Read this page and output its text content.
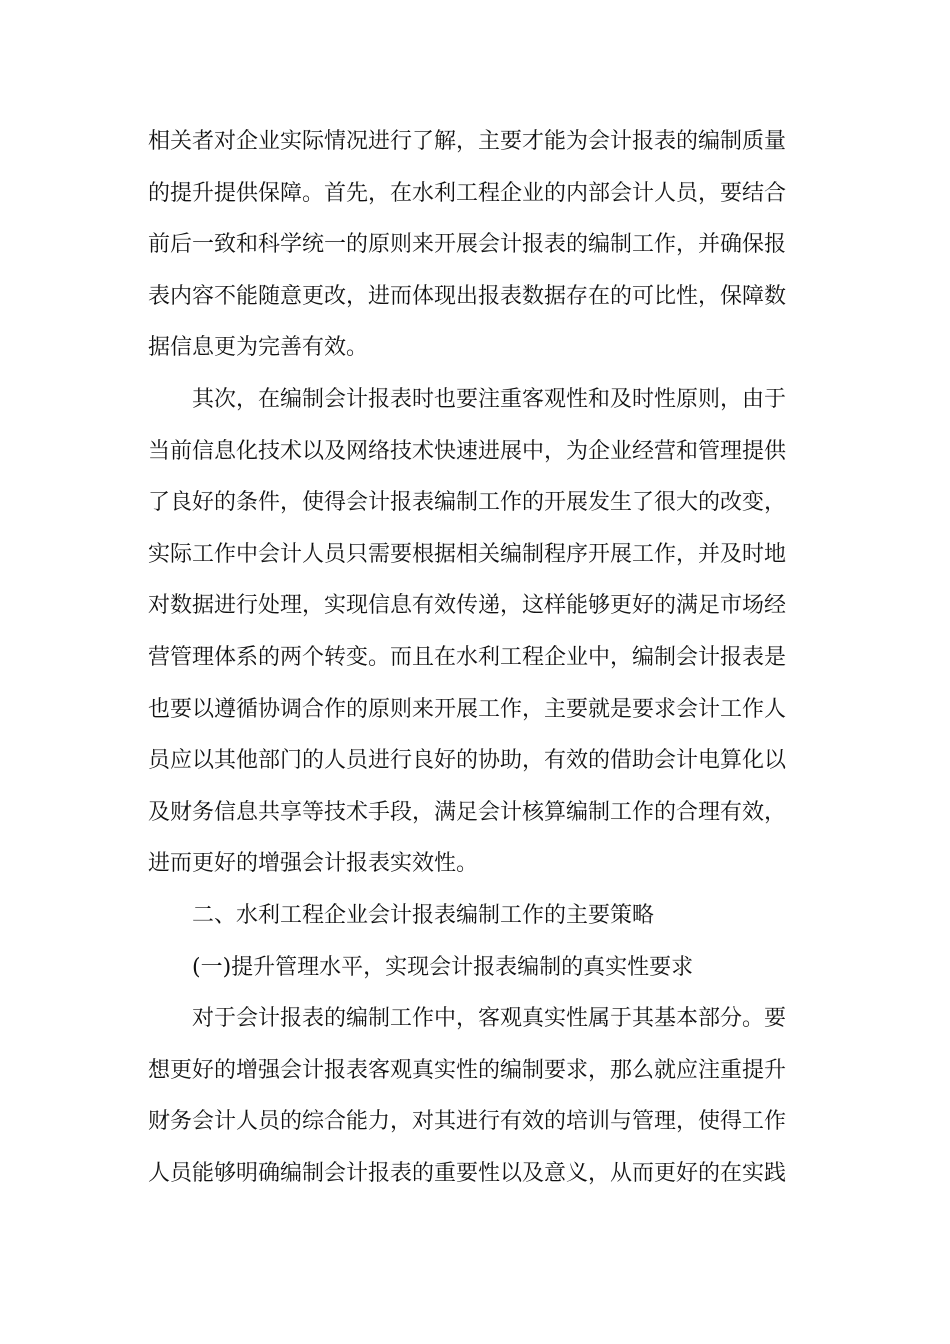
相关者对企业实际情况进行了解，主要才能为会计报表的编制质量
的提升提供保障。首先，在水利工程企业的内部会计人员，要结合
前后一致和科学统一的原则来开展会计报表的编制工作，并确保报
表内容不能随意更改，进而体现出报表数据存在的可比性，保障数
据信息更为完善有效。
其次，在编制会计报表时也要注重客观性和及时性原则，由于
当前信息化技术以及网络技术快速进展中，为企业经营和管理提供
了良好的条件，使得会计报表编制工作的开展发生了很大的改变，
实际工作中会计人员只需要根据相关编制程序开展工作，并及时地
对数据进行处理，实现信息有效传递，这样能够更好的满足市场经
营管理体系的两个转变。而且在水利工程企业中，编制会计报表是
也要以遵循协调合作的原则来开展工作，主要就是要求会计工作人
员应以其他部门的人员进行良好的协助，有效的借助会计电算化以
及财务信息共享等技术手段，满足会计核算编制工作的合理有效，
进而更好的增强会计报表实效性。
二、水利工程企业会计报表编制工作的主要策略
(一)提升管理水平，实现会计报表编制的真实性要求
对于会计报表的编制工作中，客观真实性属于其基本部分。要
想更好的增强会计报表客观真实性的编制要求，那么就应注重提升
财务会计人员的综合能力，对其进行有效的培训与管理，使得工作
人员能够明确编制会计报表的重要性以及意义，从而更好的在实践
